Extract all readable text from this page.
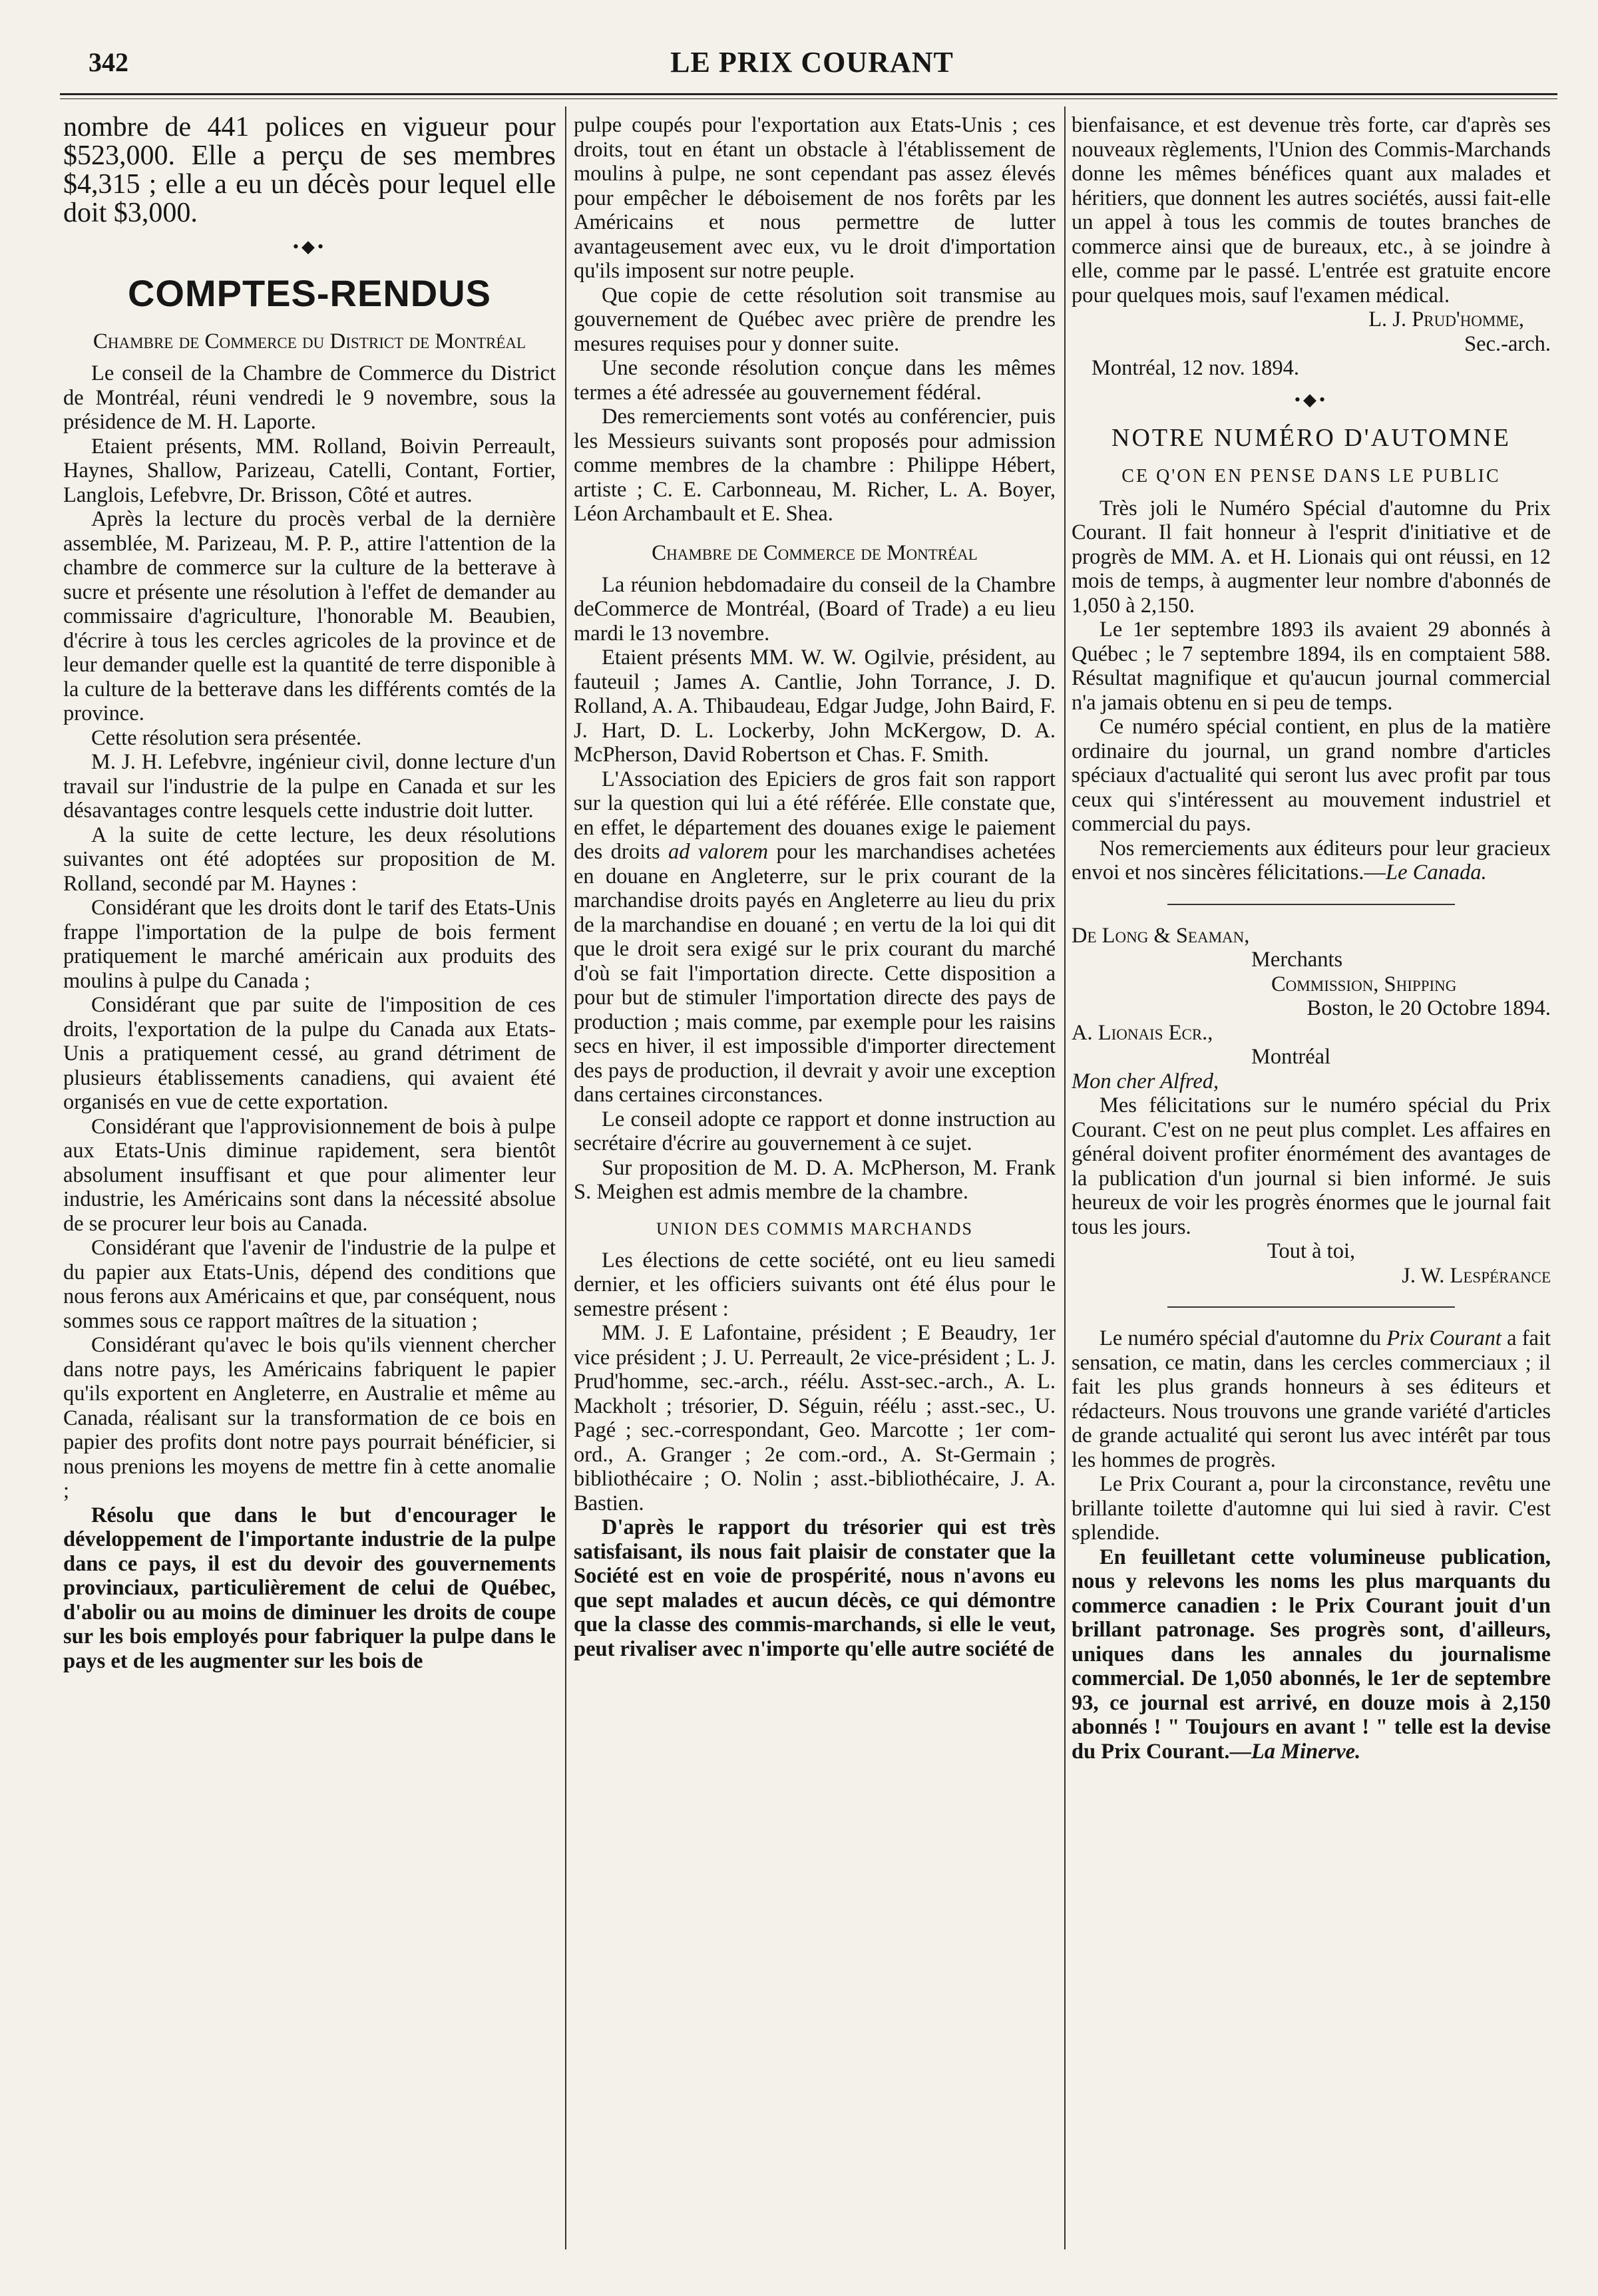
342	LE PRIX COURANT

nombre de 441 polices en vigueur pour $523,000. Elle a perçu de ses membres $4,315 ; elle a eu un décès pour lequel elle doit $3,000.

•◆•
COMPTES-RENDUS
Chambre de Commerce du District de Montréal

Le conseil de la Chambre de Commerce du District de Montréal, réuni vendredi le 9 novembre, sous la présidence de M. H. Laporte.

Etaient présents, MM. Rolland, Boivin Perreault, Haynes, Shallow, Parizeau, Catelli, Contant, Fortier, Langlois, Lefebvre, Dr. Brisson, Côté et autres.

Après la lecture du procès verbal de la dernière assemblée, M. Parizeau, M. P. P., attire l'attention de la chambre de commerce sur la culture de la betterave à sucre et présente une résolution à l'effet de demander au commissaire d'agriculture, l'honorable M. Beaubien, d'écrire à tous les cercles agricoles de la province et de leur demander quelle est la quantité de terre disponible à la culture de la betterave dans les différents comtés de la province.

Cette résolution sera présentée.

M. J. H. Lefebvre, ingénieur civil, donne lecture d'un travail sur l'industrie de la pulpe en Canada et sur les désavantages contre lesquels cette industrie doit lutter.

A la suite de cette lecture, les deux résolutions suivantes ont été adoptées sur proposition de M. Rolland, secondé par M. Haynes :

Considérant que les droits dont le tarif des Etats-Unis frappe l'importation de la pulpe de bois ferment pratiquement le marché américain aux produits des moulins à pulpe du Canada ;

Considérant que par suite de l'imposition de ces droits, l'exportation de la pulpe du Canada aux Etats-Unis a pratiquement cessé, au grand détriment de plusieurs établissements canadiens, qui avaient été organisés en vue de cette exportation.

Considérant que l'approvisionnement de bois à pulpe aux Etats-Unis diminue rapidement, sera bientôt absolument insuffisant et que pour alimenter leur industrie, les Américains sont dans la nécessité absolue de se procurer leur bois au Canada.

Considérant que l'avenir de l'industrie de la pulpe et du papier aux Etats-Unis, dépend des conditions que nous ferons aux Américains et que, par conséquent, nous sommes sous ce rapport maîtres de la situation ;

Considérant qu'avec le bois qu'ils viennent chercher dans notre pays, les Américains fabriquent le papier qu'ils exportent en Angleterre, en Australie et même au Canada, réalisant sur la transformation de ce bois en papier des profits dont notre pays pourrait bénéficier, si nous prenions les moyens de mettre fin à cette anomalie ;

Résolu que dans le but d'encourager le développement de l'importante industrie de la pulpe dans ce pays, il est du devoir des gouvernements provinciaux, particulièrement de celui de Québec, d'abolir ou au moins de diminuer les droits de coupe sur les bois employés pour fabriquer la pulpe dans le pays et de les augmenter sur les bois de

pulpe coupés pour l'exportation aux Etats-Unis ; ces droits, tout en étant un obstacle à l'établissement de moulins à pulpe, ne sont cependant pas assez élevés pour empêcher le déboisement de nos forêts par les Américains et nous permettre de lutter avantageusement avec eux, vu le droit d'importation qu'ils imposent sur notre peuple.

Que copie de cette résolution soit transmise au gouvernement de Québec avec prière de prendre les mesures requises pour y donner suite.

Une seconde résolution conçue dans les mêmes termes a été adressée au gouvernement fédéral.

Des remerciements sont votés au conférencier, puis les Messieurs suivants sont proposés pour admission comme membres de la chambre : Philippe Hébert, artiste ; C. E. Carbonneau, M. Richer, L. A. Boyer, Léon Archambault et E. Shea.

Chambre de Commerce de Montréal

La réunion hebdomadaire du conseil de la Chambre deCommerce de Montréal, (Board of Trade) a eu lieu mardi le 13 novembre.

Etaient présents MM. W. W. Ogilvie, président, au fauteuil ; James A. Cantlie, John Torrance, J. D. Rolland, A. A. Thibaudeau, Edgar Judge, John Baird, F. J. Hart, D. L. Lockerby, John McKergow, D. A. McPherson, David Robertson et Chas. F. Smith.

L'Association des Epiciers de gros fait son rapport sur la question qui lui a été référée. Elle constate que, en effet, le département des douanes exige le paiement des droits ad valorem pour les marchandises achetées en douane en Angleterre, sur le prix courant de la marchandise droits payés en Angleterre au lieu du prix de la marchandise en douané ; en vertu de la loi qui dit que le droit sera exigé sur le prix courant du marché d'où se fait l'importation directe. Cette disposition a pour but de stimuler l'importation directe des pays de production ; mais comme, par exemple pour les raisins secs en hiver, il est impossible d'importer directement des pays de production, il devrait y avoir une exception dans certaines circonstances.

Le conseil adopte ce rapport et donne instruction au secrétaire d'écrire au gouvernement à ce sujet.

Sur proposition de M. D. A. McPherson, M. Frank S. Meighen est admis membre de la chambre.

UNION DES COMMIS MARCHANDS

Les élections de cette société, ont eu lieu samedi dernier, et les officiers suivants ont été élus pour le semestre présent :

MM. J. E Lafontaine, président ; E Beaudry, 1er vice président ; J. U. Perreault, 2e vice-président ; L. J. Prud'homme, sec.-arch., réélu. Asst-sec.-arch., A. L. Mackholt ; trésorier, D. Séguin, réélu ; asst.-sec., U. Pagé ; sec.-correspondant, Geo. Marcotte ; 1er com-ord., A. Granger ; 2e com.-ord., A. St-Germain ; bibliothécaire ; O. Nolin ; asst.-bibliothécaire, J. A. Bastien.

D'après le rapport du trésorier qui est très satisfaisant, ils nous fait plaisir de constater que la Société est en voie de prospérité, nous n'avons eu que sept malades et aucun décès, ce qui démontre que la classe des commis-marchands, si elle le veut, peut rivaliser avec n'importe qu'elle autre société de

bienfaisance, et est devenue très forte, car d'après ses nouveaux règlements, l'Union des Commis-Marchands donne les mêmes bénéfices quant aux malades et héritiers, que donnent les autres sociétés, aussi fait-elle un appel à tous les commis de toutes branches de commerce ainsi que de bureaux, etc., à se joindre à elle, comme par le passé. L'entrée est gratuite encore pour quelques mois, sauf l'examen médical.

L. J. Prud'homme,

Sec.-arch.

Montréal, 12 nov. 1894.

•◆•
NOTRE NUMÉRO D'AUTOMNE
CE Q'ON EN PENSE DANS LE PUBLIC

Très joli le Numéro Spécial d'automne du Prix Courant. Il fait honneur à l'esprit d'initiative et de progrès de MM. A. et H. Lionais qui ont réussi, en 12 mois de temps, à augmenter leur nombre d'abonnés de 1,050 à 2,150.

Le 1er septembre 1893 ils avaient 29 abonnés à Québec ; le 7 septembre 1894, ils en comptaient 588. Résultat magnifique et qu'aucun journal commercial n'a jamais obtenu en si peu de temps.

Ce numéro spécial contient, en plus de la matière ordinaire du journal, un grand nombre d'articles spéciaux d'actualité qui seront lus avec profit par tous ceux qui s'intéressent au mouvement industriel et commercial du pays.

Nos remerciements aux éditeurs pour leur gracieux envoi et nos sincères félicitations.—Le Canada.

De Long & Seaman,

Merchants

Commission, Shipping

Boston, le 20 Octobre 1894.

A. Lionais Ecr.,

Montréal

Mon cher Alfred,

Mes félicitations sur le numéro spécial du Prix Courant. C'est on ne peut plus complet. Les affaires en général doivent profiter énormément des avantages de la publication d'un journal si bien informé. Je suis heureux de voir les progrès énormes que le journal fait tous les jours.

Tout à toi,

J. W. Lespérance

Le numéro spécial d'automne du Prix Courant a fait sensation, ce matin, dans les cercles commerciaux ; il fait les plus grands honneurs à ses éditeurs et rédacteurs. Nous trouvons une grande variété d'articles de grande actualité qui seront lus avec intérêt par tous les hommes de progrès.

Le Prix Courant a, pour la circonstance, revêtu une brillante toilette d'automne qui lui sied à ravir. C'est splendide.

En feuilletant cette volumineuse publication, nous y relevons les noms les plus marquants du commerce canadien : le Prix Courant jouit d'un brillant patronage. Ses progrès sont, d'ailleurs, uniques dans les annales du journalisme commercial. De 1,050 abonnés, le 1er de septembre 93, ce journal est arrivé, en douze mois à 2,150 abonnés ! " Toujours en avant ! " telle est la devise du Prix Courant.—La Minerve.
